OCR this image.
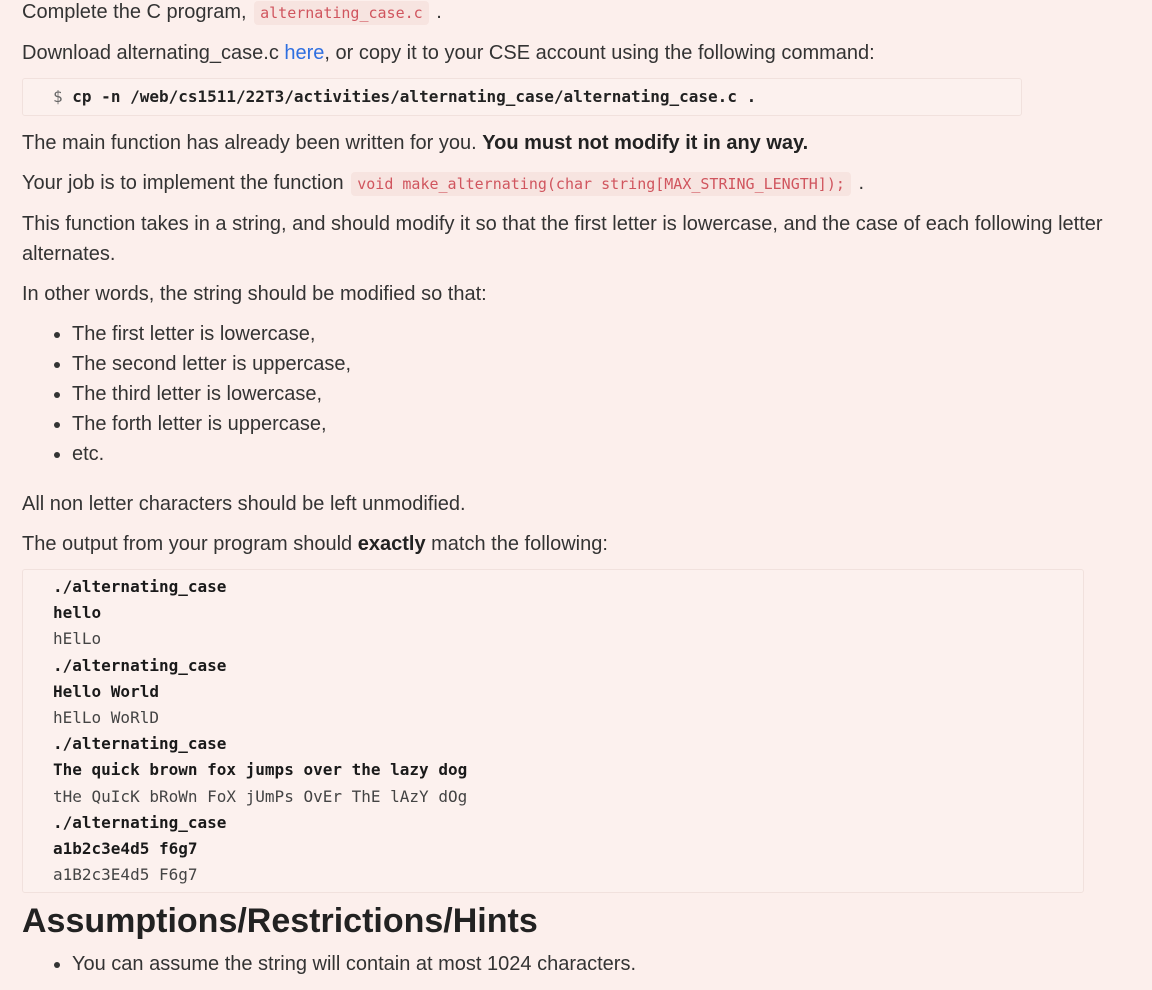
Complete the C program, alternating_case.c .

Download alternating_case.c here, or copy it to your CSE account using the following command:

$ cp -n /web/cs1511/22T3/activities/alternating_case/alternating_case.c .

The main function has already been written for you. You must not modify it in any way.

Your job is to implement the function void make_alternating(char string[MAX_STRING_LENGTH]); .

This function takes in a string, and should modify it so that the first letter is lowercase, and the case of each following letter alternates.

In other words, the string should be modified so that:

• The first letter is lowercase,
• The second letter is uppercase,
• The third letter is lowercase,
• The forth letter is uppercase,
• etc.

All non letter characters should be left unmodified.

The output from your program should exactly match the following:

./alternating_case
hello
hElLo
./alternating_case
Hello World
hElLo WoRlD
./alternating_case
The quick brown fox jumps over the lazy dog
tHe QuIcK bRoWn FoX jUmPs OvEr ThE lAzY dOg
./alternating_case
a1b2c3e4d5 f6g7
a1B2c3E4d5 F6g7
Assumptions/Restrictions/Hints
• You can assume the string will contain at most 1024 characters.
